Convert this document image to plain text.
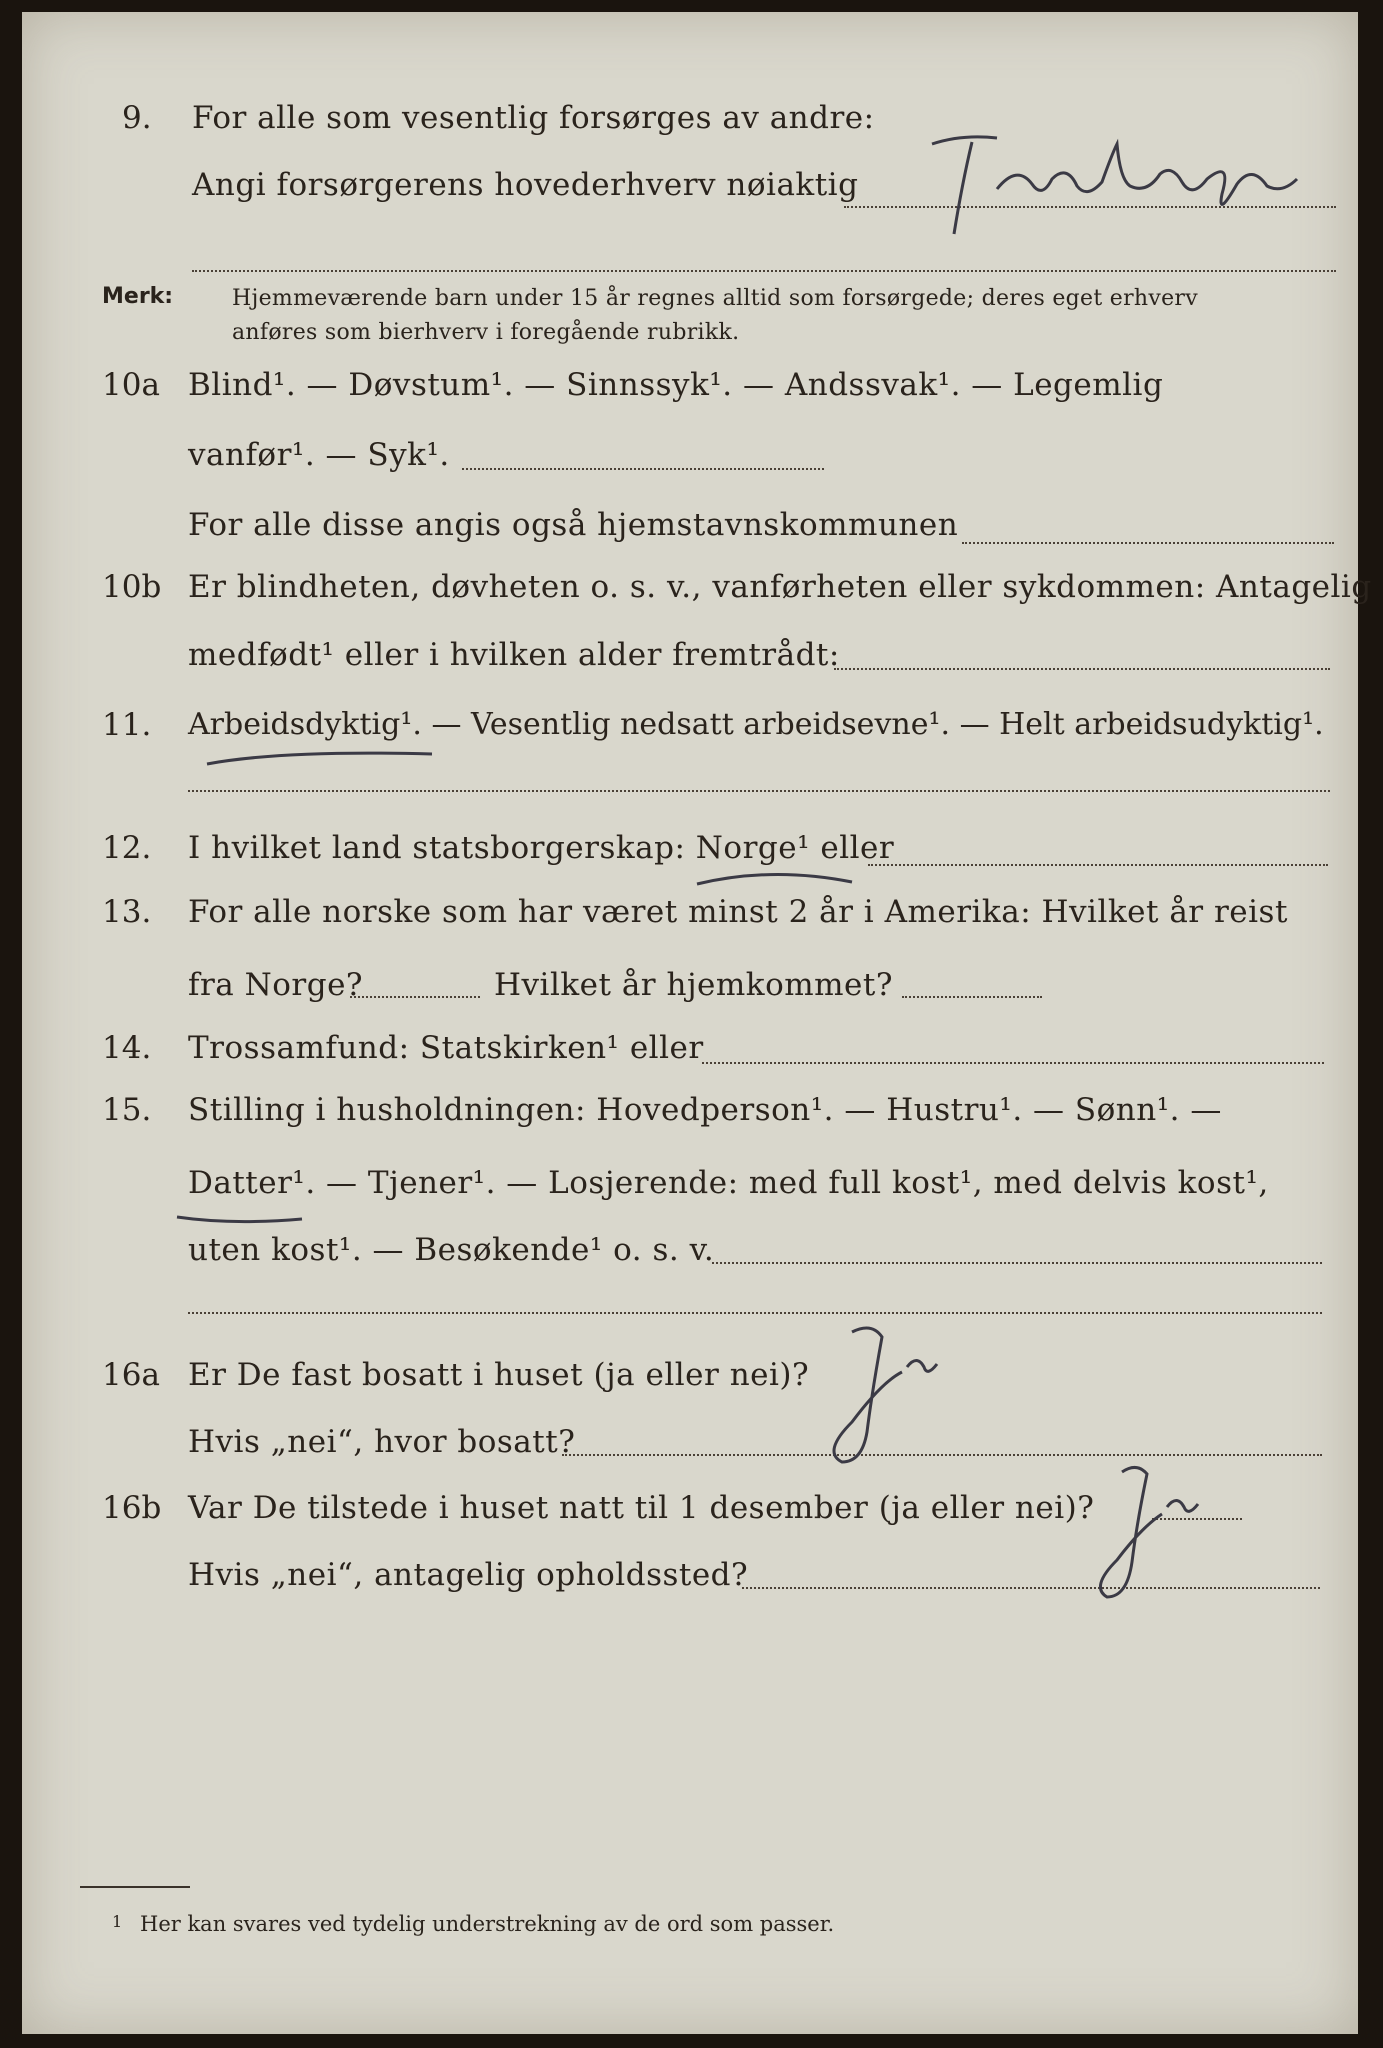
9. For alle som vesentlig forsørges av andre:
Angi forsørgerens hovederhverv nøiaktig
Merk:	Hjemmeværende barn under 15 år regnes alltid som forsørgede; deres eget erhverv
anføres som bierhverv i foregående rubrikk.
10a Blind¹. — Døvstum¹. — Sinnssyk¹. — Andssvak¹. — Legemlig
vanfør¹. — Syk¹.
For alle disse angis også hjemstavnskommunen
10b Er blindheten, døvheten o. s. v., vanførheten eller sykdommen: Antagelig
medfødt¹ eller i hvilken alder fremtrådt:
11. Arbeidsdyktig¹. — Vesentlig nedsatt arbeidsevne¹. — Helt arbeidsudyktig¹.
12. I hvilket land statsborgerskap: Norge¹ eller
13. For alle norske som har været minst 2 år i Amerika: Hvilket år reist
fra Norge?	Hvilket år hjemkommet?
14. Trossamfund: Statskirken¹ eller
15. Stilling i husholdningen: Hovedperson¹. — Hustru¹. — Sønn¹. —
Datter¹. — Tjener¹. — Losjerende: med full kost¹, med delvis kost¹,
uten kost¹. — Besøkende¹ o. s. v.
16a Er De fast bosatt i huset (ja eller nei)?
Hvis „nei“, hvor bosatt?
16b Var De tilstede i huset natt til 1 desember (ja eller nei)?
Hvis „nei“, antagelig opholdssted?
1 Her kan svares ved tydelig understrekning av de ord som passer.
